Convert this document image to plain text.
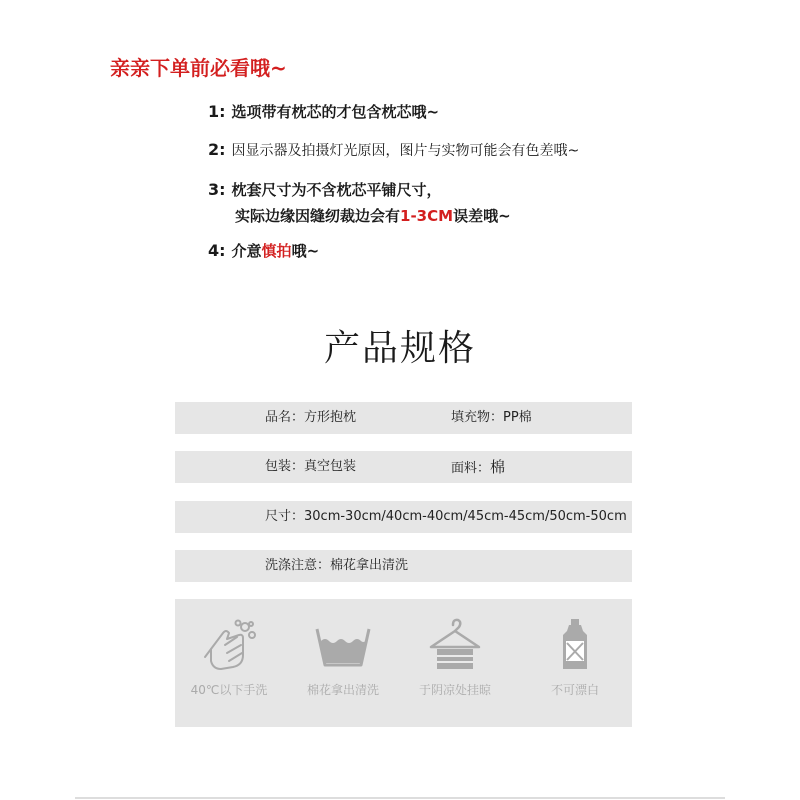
亲亲下单前必看哦~
1: 选项带有枕芯的才包含枕芯哦~
2: 因显示器及拍摄灯光原因，图片与实物可能会有色差哦~
3: 枕套尺寸为不含枕芯平铺尺寸，
实际边缘因缝纫裁边会有1-3CM误差哦~
4: 介意慎拍哦~
产品规格
品名：方形抱枕	填充物：PP棉
包装：真空包装	面料：棉
尺寸：30cm-30cm/40cm-40cm/45cm-45cm/50cm-50cm
洗涤注意：棉花拿出清洗
40℃以下手洗	棉花拿出清洗	于阴凉处挂晾	不可漂白
